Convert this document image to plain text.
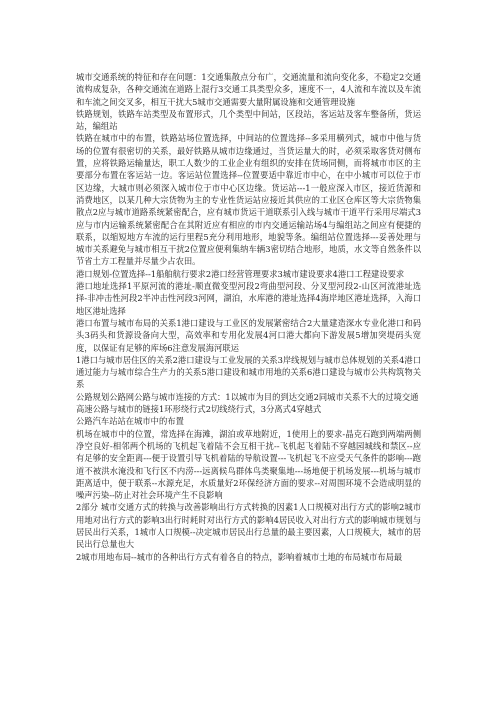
城市交通系统的特征和存在问题：1交通集散点分布广，交通流量和流向变化多，不稳定2交通流构成复杂，各种交通流在道路上混行3交通工具类型众多，速度不一，4人流和车流以及车流和车流之间交叉多，相互干扰大5城市交通需要大量附属设施和交通管理设施

铁路规划，铁路车站类型及布置形式，几个类型中间站，区段站，客运站及客车整备所，货运站，编组站

铁路在城市中的布置，铁路站场位置选择，中间站的位置选择--多采用横列式，城市中他与货场的位置有很密切的关系，最好铁路从城市边缘通过，当货运量大的时，必须采取客货对侧布置，应将铁路运输量达，职工人数少的工业企业有组织的安排在货场同侧，而将城市市区的主要部分布置在客运站一边。客运站位置选择--位置要适中靠近市中心，在中小城市可以位于市区边缘，大城市则必须深入城市位于市中心区边缘。货运站---1一般应深入市区，接近货源和消费地区，以某几种大宗货物为主的专业性货运站应接近其供应的工业区仓库区等大宗货物集散点2应与城市道路系统紧密配合，应有城市货运干道联系引入线与城市干道平行采用尽端式3应与市内运输系统紧密配合在其附近应有相应的市内交通运输站场4与编组站之间应有便捷的联系，以缩短地方车流的运行里程5充分利用地形，地貌等条。编组站位置选择---妥善处理与城市关系避免与城市相互干扰2位置应便利集纳车辆3密切结合地形，地质，水文等自然条件以节省土方工程量并尽量少占农田。

港口规划-位置选择--1船舶航行要求2港口经营管理要求3城市建设要求4港口工程建设要求

港口地址选择1平原河流的港址-顺直微变型河段2弯曲型河段、分叉型河段2-山区河流港址选择-非冲击性河段2半冲击性河段3河网，湖泊，水库港的港址选择4海岸地区港址选择，入海口地区港址选择

港口布置与城市布局的关系1港口建设与工业区的发展紧密结合2大量建造深水专业化港口和码头3码头和货源设备向大型，高效率和专用化发展4河口港大都向下游发展5增加突堤码头宽度，以保证有足够的库场6注意发展海河联运

1港口与城市居住区的关系2港口建设与工业发展的关系3岸线规划与城市总体规划的关系4港口通过能力与城市综合生产力的关系5港口建设和城市用地的关系6港口建设与城市公共构筑物关系

公路规划公路网公路与城市连接的方式：1以城市为目的到达交通2同城市关系不大的过境交通

高速公路与城市的链接1环形绕行式2切线绕行式，3分离式4穿越式

公路汽车站站在城市中的布置

机场在城市中的位置，常选择在海滩，湖泊或草地附近，1使用上的要求-晶克石跑到两端两侧净空良好-相邻两个机场的飞机起飞着陆不会互相干扰--飞机起飞着陆不穿越园城线和禁区--应有足够的安全距离---便于设置引导飞机着陆的导航设置---飞机起飞不应受天气条件的影响---跑道不被洪水淹没和飞行区不内涝---远离候鸟群体鸟类聚集地---场地便于机场发展---机场与城市距离适中，便于联系--水源充足，水质量好2环保经济方面的要求--对周围环境不会造成明显的噪声污染--防止对社会环境产生不良影响

2部分 城市交通方式的转换与改善影响出行方式转换的因素1人口规模对出行方式的影响2城市用地对出行方式的影响3出行时耗时对出行方式的影响4居民收入对出行方式的影响城市规划与居民出行关系，1城市人口规模--决定城市居民出行总量的最主要因素，人口规模大，城市的居民出行总量也大

2城市用地布局--城市的各种出行方式有着各自的特点，影响着城市土地的布局城市布局最
